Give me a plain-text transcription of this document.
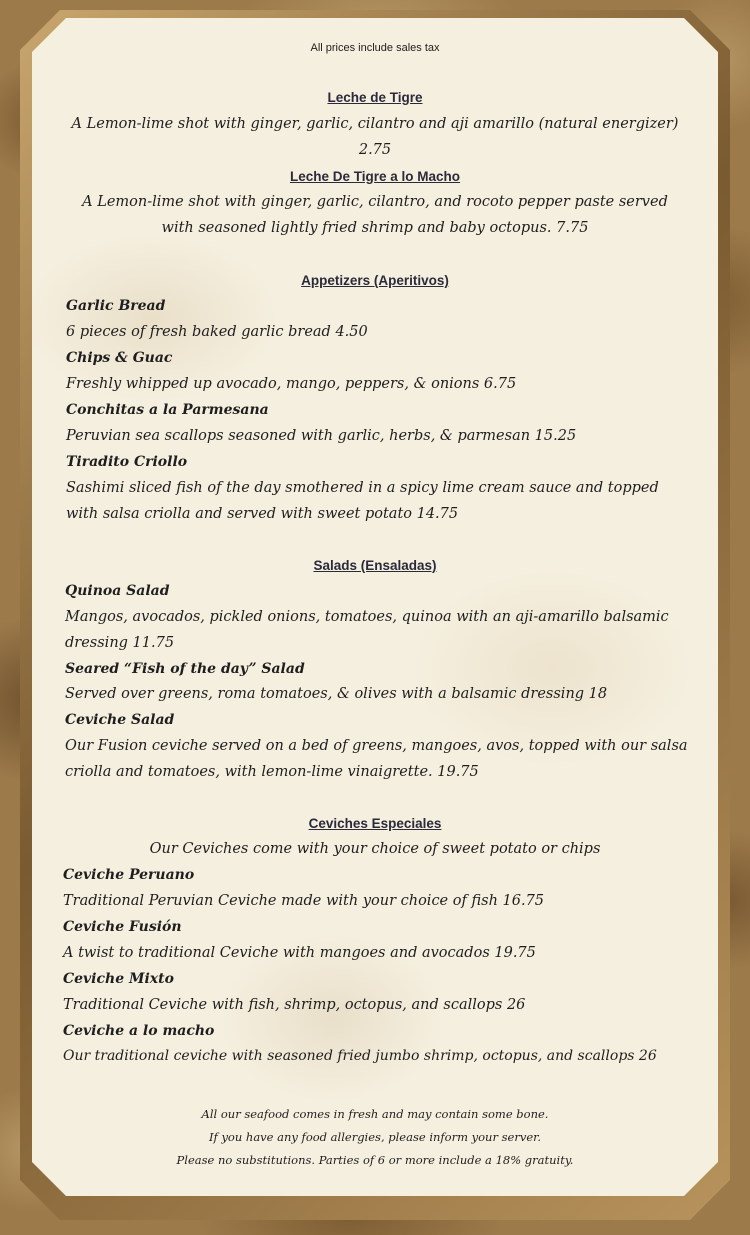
All prices include sales tax
Leche de Tigre
A Lemon-lime shot with ginger, garlic, cilantro and aji amarillo (natural energizer)
2.75
Leche De Tigre a lo Macho
A Lemon-lime shot with ginger, garlic, cilantro, and rocoto pepper paste served
with seasoned lightly fried shrimp and baby octopus. 7.75
Appetizers (Aperitivos)
Garlic Bread
6 pieces of fresh baked garlic bread 4.50
Chips & Guac
Freshly whipped up avocado, mango, peppers, & onions 6.75
Conchitas a la Parmesana
Peruvian sea scallops seasoned with garlic, herbs, & parmesan 15.25
Tiradito Criollo
Sashimi sliced fish of the day smothered in a spicy lime cream sauce and topped
with salsa criolla and served with sweet potato 14.75
Salads (Ensaladas)
Quinoa Salad
Mangos, avocados, pickled onions, tomatoes, quinoa with an aji-amarillo balsamic
dressing 11.75
Seared “Fish of the day” Salad
Served over greens, roma tomatoes, & olives with a balsamic dressing 18
Ceviche Salad
Our Fusion ceviche served on a bed of greens, mangoes, avos, topped with our salsa
criolla and tomatoes, with lemon-lime vinaigrette. 19.75
Ceviches Especiales
Our Ceviches come with your choice of sweet potato or chips
Ceviche Peruano
Traditional Peruvian Ceviche made with your choice of fish 16.75
Ceviche Fusión
A twist to traditional Ceviche with mangoes and avocados 19.75
Ceviche Mixto
Traditional Ceviche with fish, shrimp, octopus, and scallops 26
Ceviche a lo macho
Our traditional ceviche with seasoned fried jumbo shrimp, octopus, and scallops 26
All our seafood comes in fresh and may contain some bone.
If you have any food allergies, please inform your server.
Please no substitutions. Parties of 6 or more include a 18% gratuity.
